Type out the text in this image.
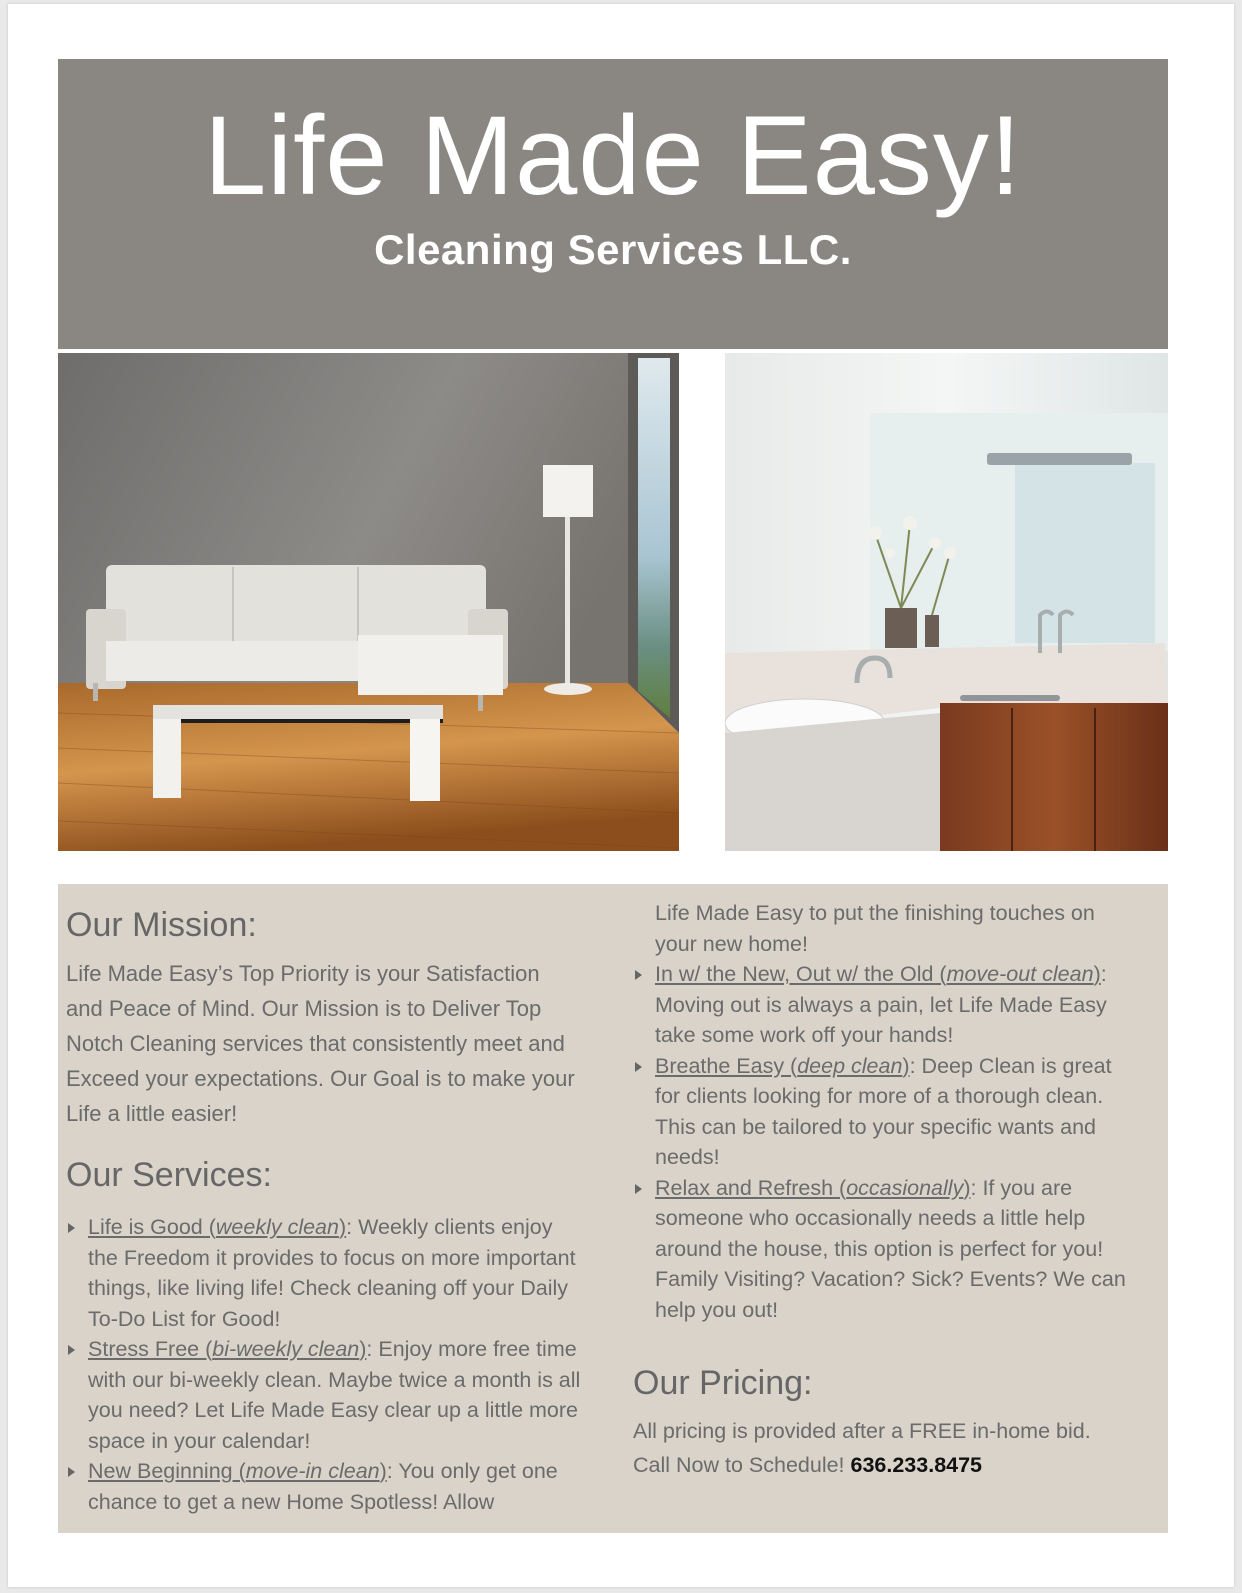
Life Made Easy!
Cleaning Services LLC.
Our Mission:

Life Made Easy’s Top Priority is your Satisfaction and Peace of Mind. Our Mission is to Deliver Top Notch Cleaning services that consistently meet and Exceed your expectations. Our Goal is to make your Life a little easier!

Our Services:
Life is Good (weekly clean): Weekly clients enjoy the Freedom it provides to focus on more important things, like living life! Check cleaning off your Daily To-Do List for Good!
Stress Free (bi-weekly clean): Enjoy more free time with our bi-weekly clean. Maybe twice a month is all you need? Let Life Made Easy clear up a little more space in your calendar!
New Beginning (move-in clean): You only get one chance to get a new Home Spotless! Allow
Life Made Easy to put the finishing touches on your new home!
In w/ the New, Out w/ the Old (move-out clean): Moving out is always a pain, let Life Made Easy take some work off your hands!
Breathe Easy (deep clean): Deep Clean is great for clients looking for more of a thorough clean. This can be tailored to your specific wants and needs!
Relax and Refresh (occasionally): If you are someone who occasionally needs a little help around the house, this option is perfect for you! Family Visiting? Vacation? Sick? Events? We can help you out!
Our Pricing:

All pricing is provided after a FREE in-home bid.
Call Now to Schedule! 636.233.8475
